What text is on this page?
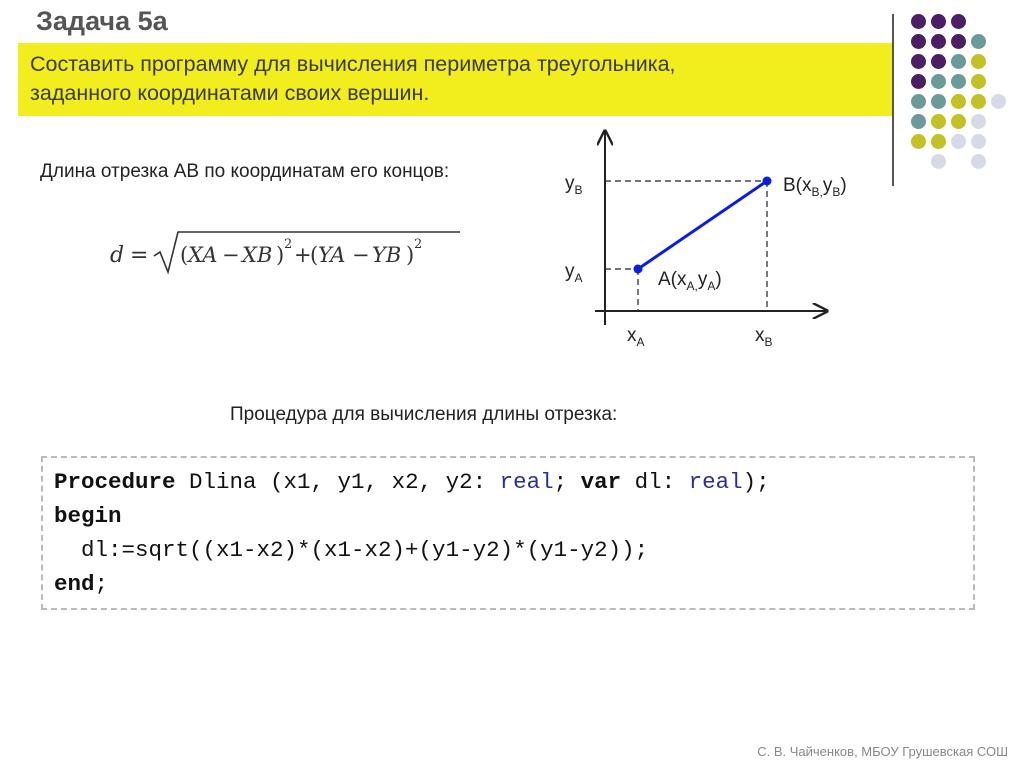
Задача 5а
Составить программу для вычисления периметра треугольника,
заданного координатами своих вершин.
Длина отрезка AB по координатам его концов:
d = ( XA − XB ) 2 +
( YA − YB ) 2
$y_B$
$y_A$
$x_A$	$x_B$
$A(x_{A,}y_A)$
$B(x_{B,}y_B)$
Процедура для вычисления длины отрезка:
Procedure Dlina (x1, y1, x2, y2: real; var dl: real);
begin
dl:=sqrt((x1-x2)*(x1-x2)+(y1-y2)*(y1-y2));
end;
С. В. Чайченков, МБОУ Грушевская СОШ
